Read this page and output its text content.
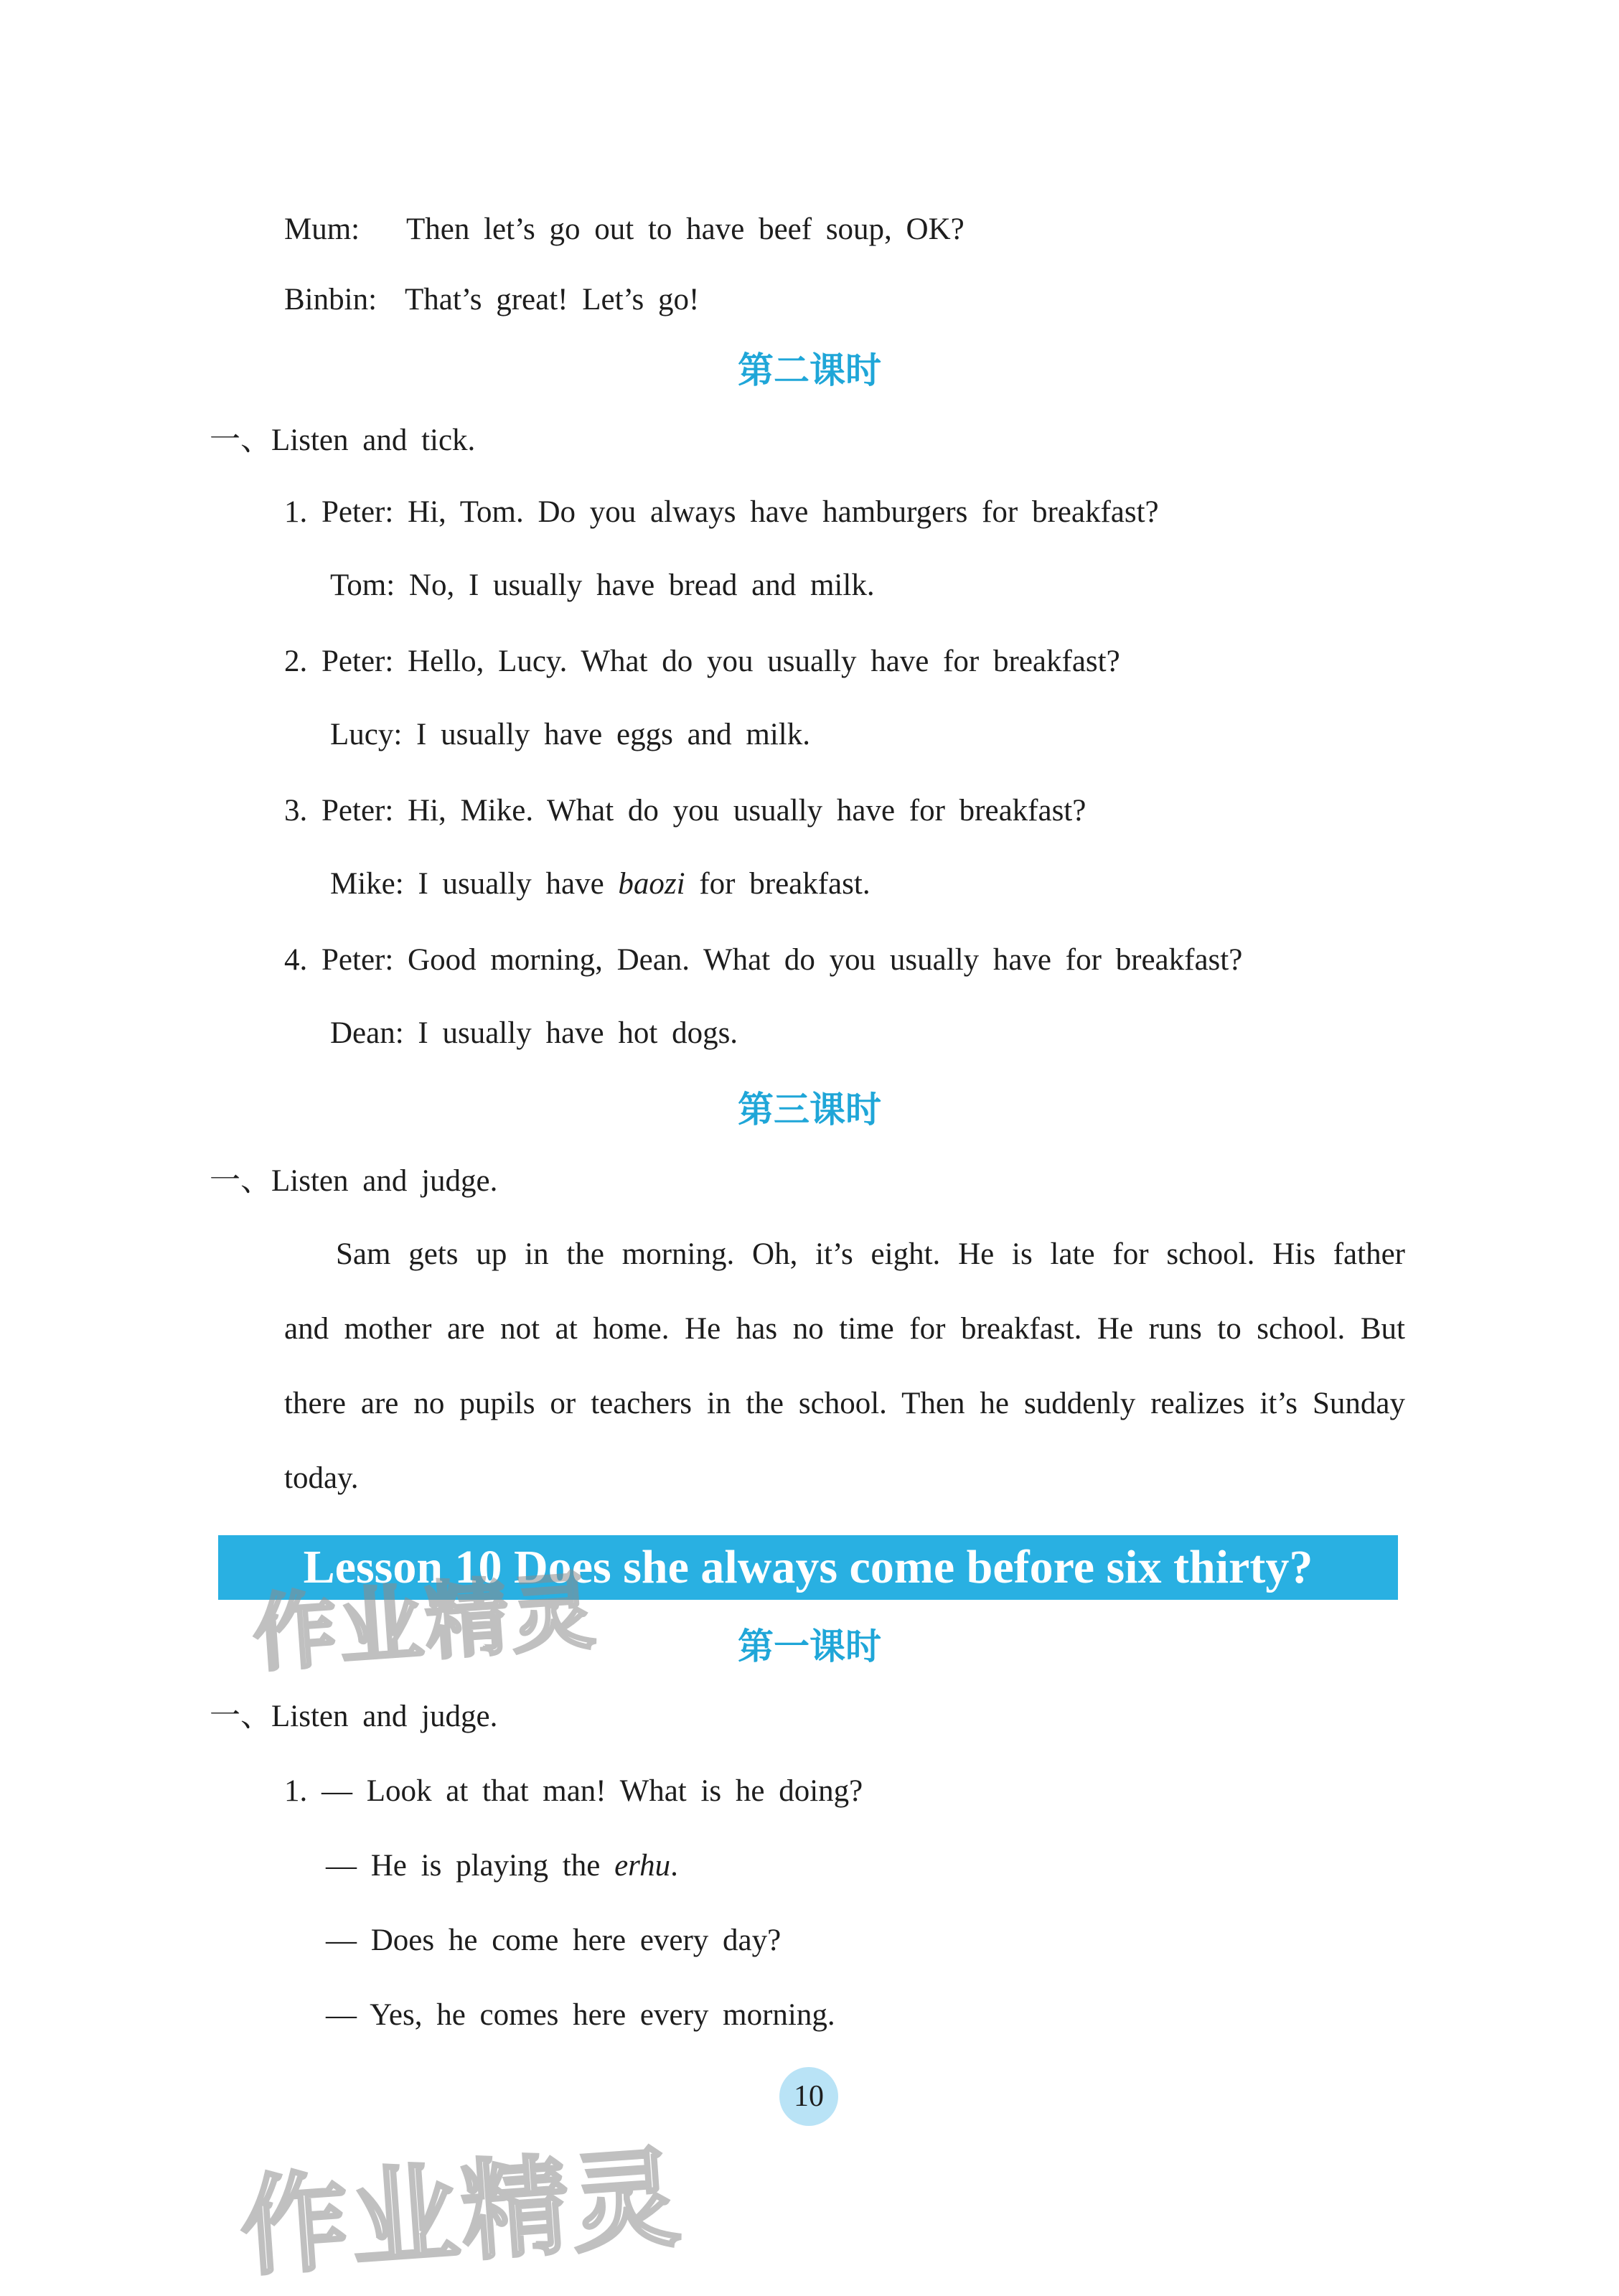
Mum: Then let’s go out to have beef soup, OK?
Binbin: That’s great! Let’s go!
第二课时
一、Listen and tick.
1. Peter: Hi, Tom. Do you always have hamburgers for breakfast?
Tom: No, I usually have bread and milk.
2. Peter: Hello, Lucy. What do you usually have for breakfast?
Lucy: I usually have eggs and milk.
3. Peter: Hi, Mike. What do you usually have for breakfast?
Mike: I usually have baozi for breakfast.
4. Peter: Good morning, Dean. What do you usually have for breakfast?
Dean: I usually have hot dogs.
第三课时
一、Listen and judge.
Sam gets up in the morning. Oh, it’s eight. He is late for school. His father and mother are not at home. He has no time for breakfast. He runs to school. But there are no pupils or teachers in the school. Then he suddenly realizes it’s Sunday today.
Lesson 10 Does she always come before six thirty?
第一课时
一、Listen and judge.
1. — Look at that man! What is he doing?
— He is playing the erhu.
— Does he come here every day?
— Yes, he comes here every morning.
10
作业精灵
作业精灵
